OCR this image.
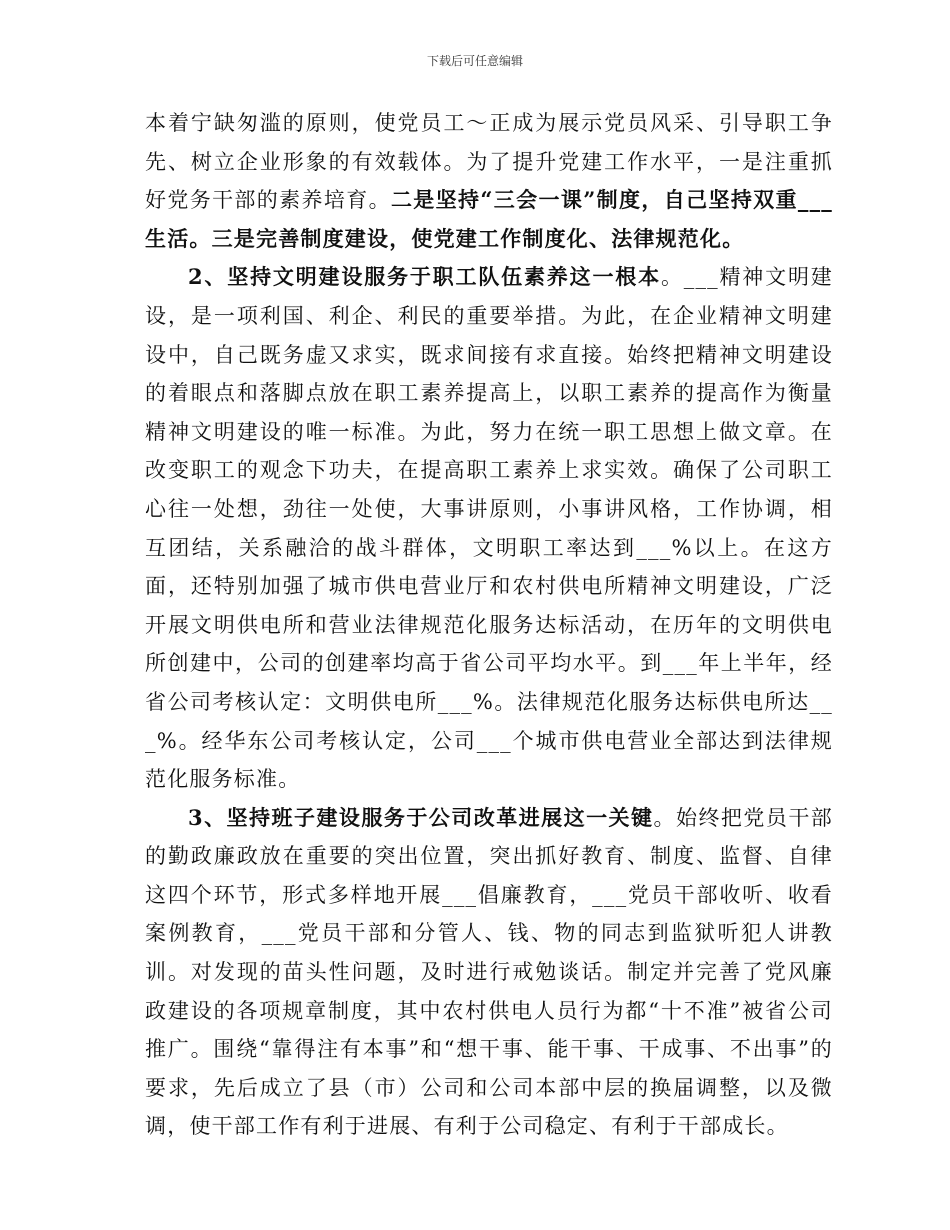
下载后可任意编辑

本着宁缺匆滥的原则，使党员工～正成为展示党员风采、引导职工争先、树立企业形象的有效载体。为了提升党建工作水平，一是注重抓好党务干部的素养培育。二是坚持“三会一课”制度，自己坚持双重___生活。三是完善制度建设，使党建工作制度化、法律规范化。

2、坚持文明建设服务于职工队伍素养这一根本。___精神文明建设，是一项利国、利企、利民的重要举措。为此，在企业精神文明建设中，自己既务虚又求实，既求间接有求直接。始终把精神文明建设的着眼点和落脚点放在职工素养提高上，以职工素养的提高作为衡量精神文明建设的唯一标准。为此，努力在统一职工思想上做文章。在改变职工的观念下功夫，在提高职工素养上求实效。确保了公司职工心往一处想，劲往一处使，大事讲原则，小事讲风格，工作协调，相互团结，关系融洽的战斗群体，文明职工率达到___%以上。在这方面，还特别加强了城市供电营业厅和农村供电所精神文明建设，广泛开展文明供电所和营业法律规范化服务达标活动，在历年的文明供电所创建中，公司的创建率均高于省公司平均水平。到___年上半年，经省公司考核认定：文明供电所___%。法律规范化服务达标供电所达___%。经华东公司考核认定，公司___个城市供电营业全部达到法律规范化服务标准。

3、坚持班子建设服务于公司改革进展这一关键。始终把党员干部的勤政廉政放在重要的突出位置，突出抓好教育、制度、监督、自律这四个环节，形式多样地开展___倡廉教育，___党员干部收听、收看案例教育，___党员干部和分管人、钱、物的同志到监狱听犯人讲教训。对发现的苗头性问题，及时进行戒勉谈话。制定并完善了党风廉政建设的各项规章制度，其中农村供电人员行为都“十不准”被省公司推广。围绕“靠得注有本事”和“想干事、能干事、干成事、不出事”的要求，先后成立了县（市）公司和公司本部中层的换届调整，以及微调，使干部工作有利于进展、有利于公司稳定、有利于干部成长。
